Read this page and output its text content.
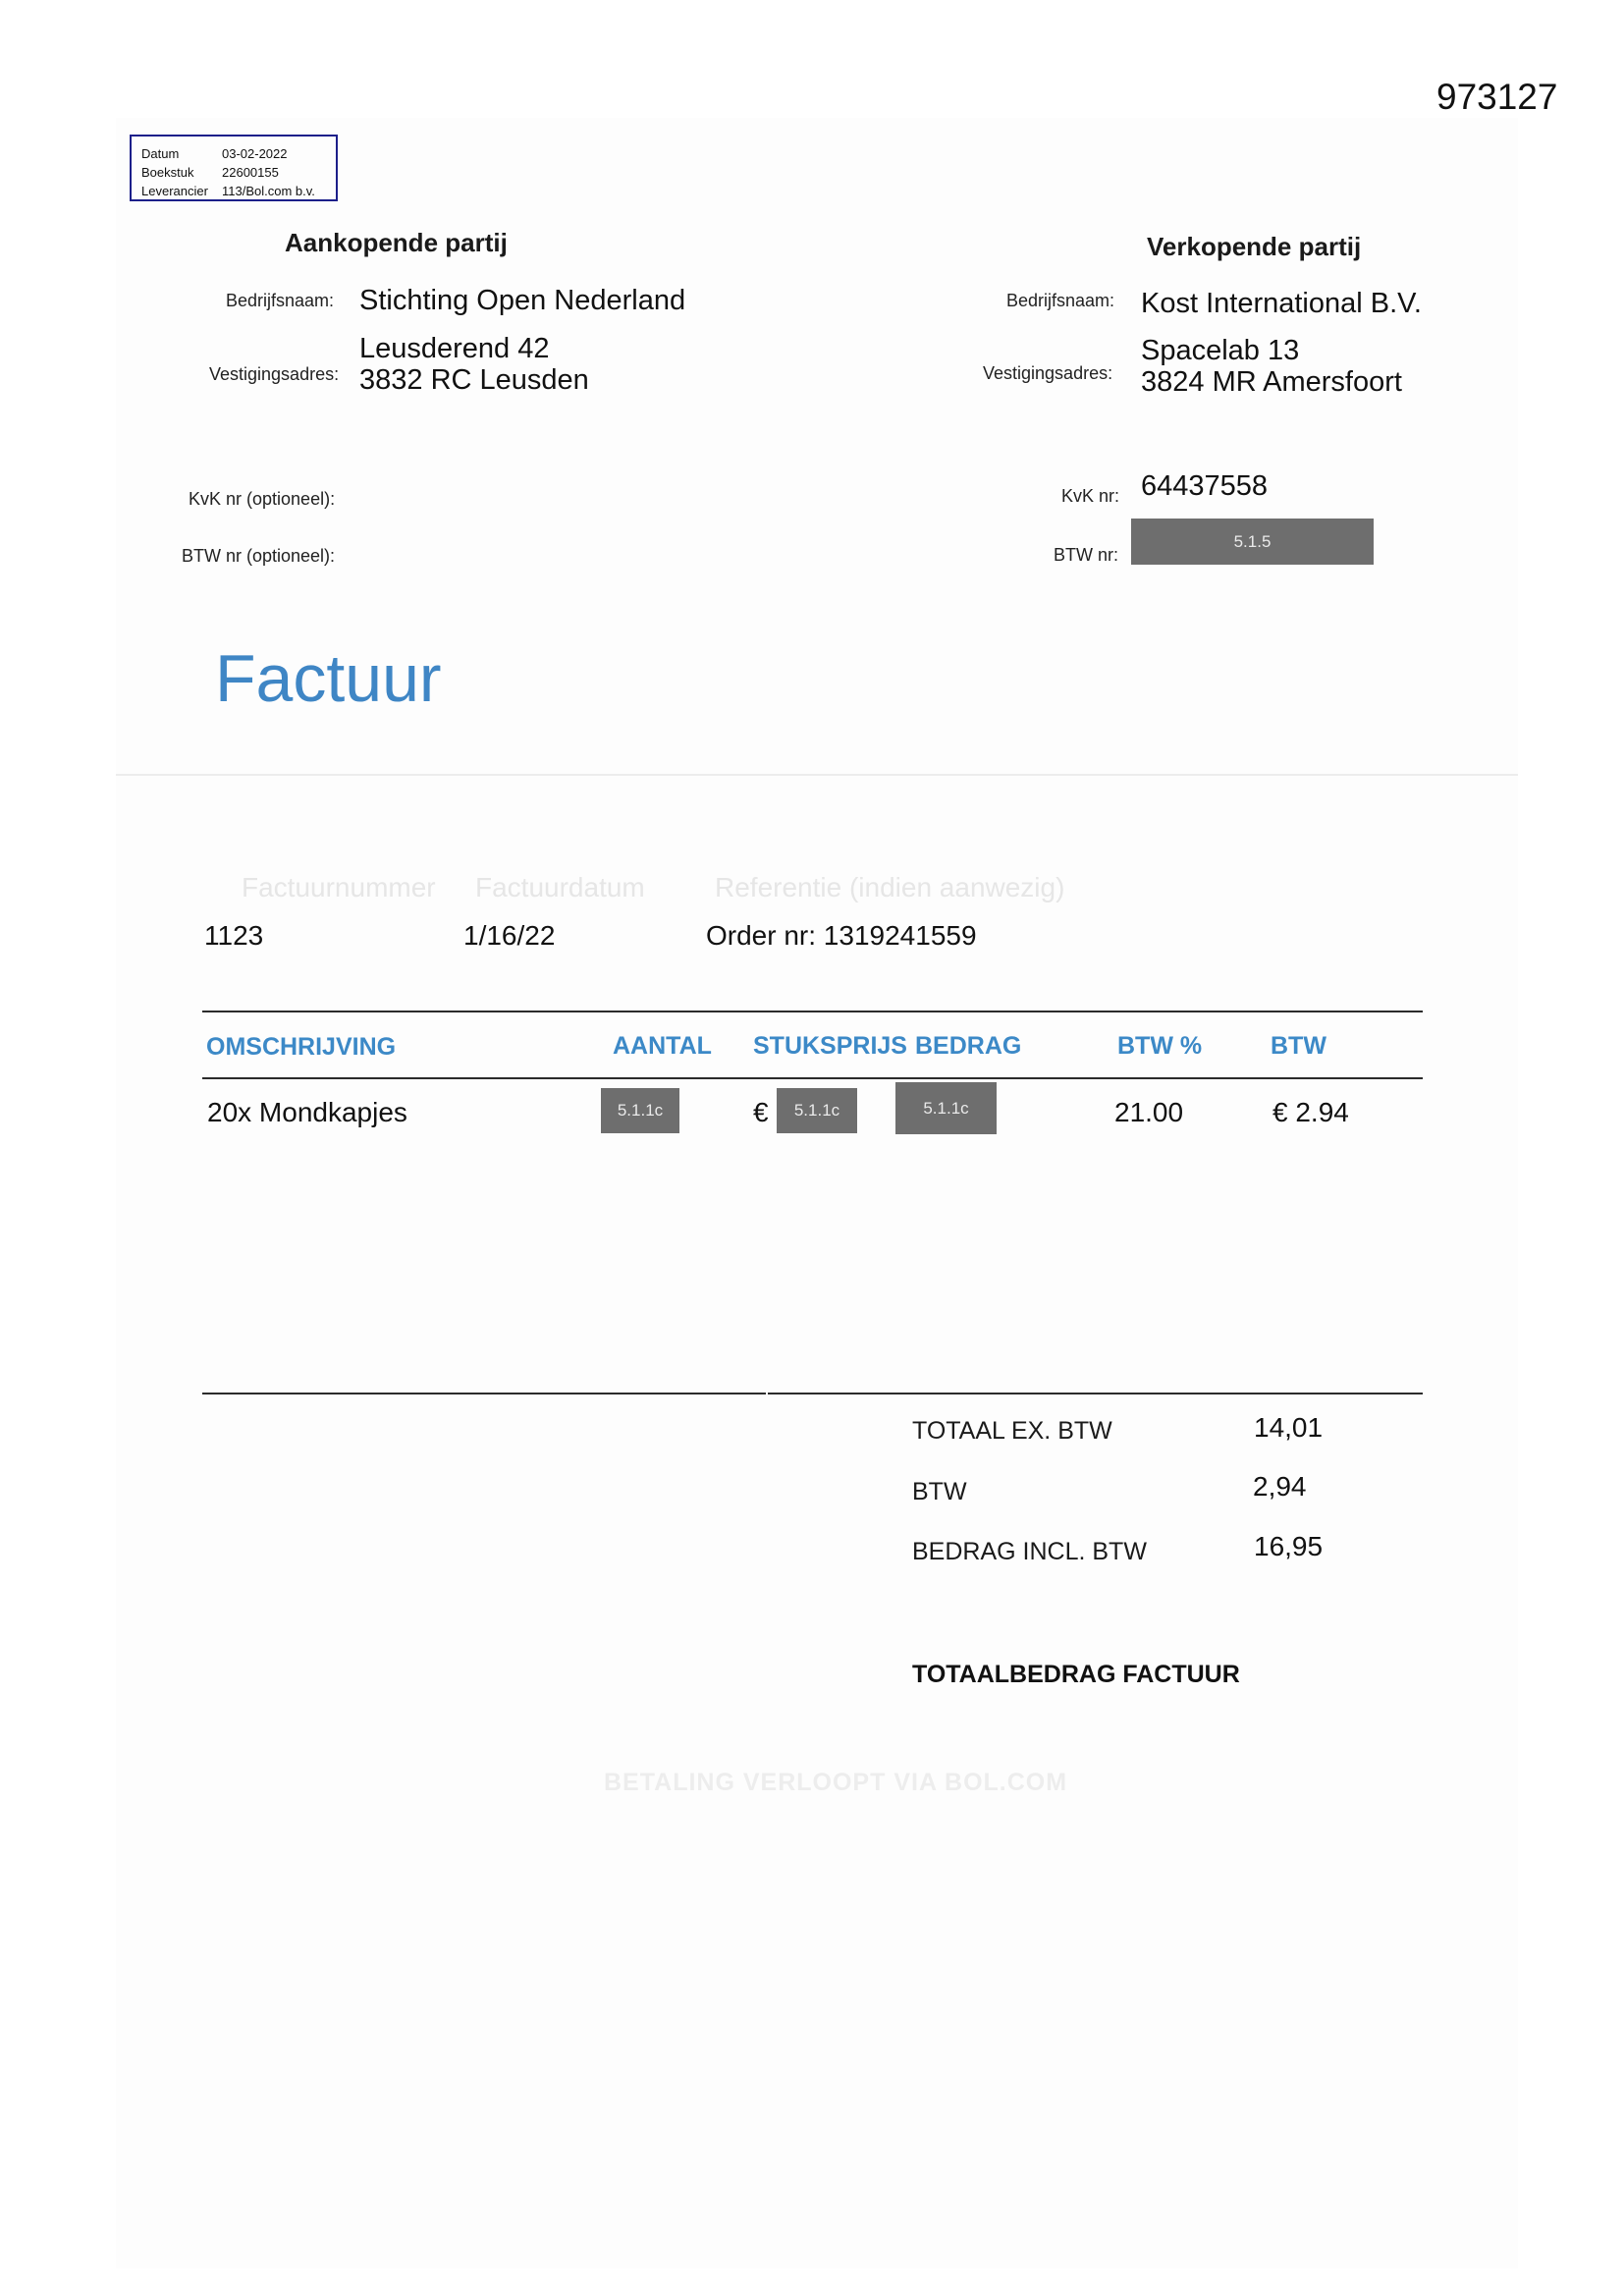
973127
Datum	03-02-2022
Boekstuk 22600155
Leverancier 113/Bol.com b.v.
Aankopende partij
Bedrijfsnaam: Stichting Open Nederland
Leusderend 42
Vestigingsadres: 3832 RC Leusden
KvK nr (optioneel):
BTW nr (optioneel):
Verkopende partij
Bedrijfsnaam: Kost International B.V.
Spacelab 13
Vestigingsadres: 3824 MR Amersfoort
KvK nr: 64437558
BTW nr:
5.1.5
Factuur
Factuurnummer Factuurdatum	Referentie (indien aanwezig)
1123	1/16/22	Order nr: 1319241559
OMSCHRIJVING	AANTAL STUKSPRIJS BEDRAG	BTW %	BTW
20x Mondkapjes	5.1.1c	€	5.1.1c	5.1.1c	21.00	€ 2.94
TOTAAL EX. BTW	14,01
BTW	2,94
BEDRAG INCL. BTW	16,95
TOTAALBEDRAG FACTUUR
BETALING VERLOOPT VIA BOL.COM
